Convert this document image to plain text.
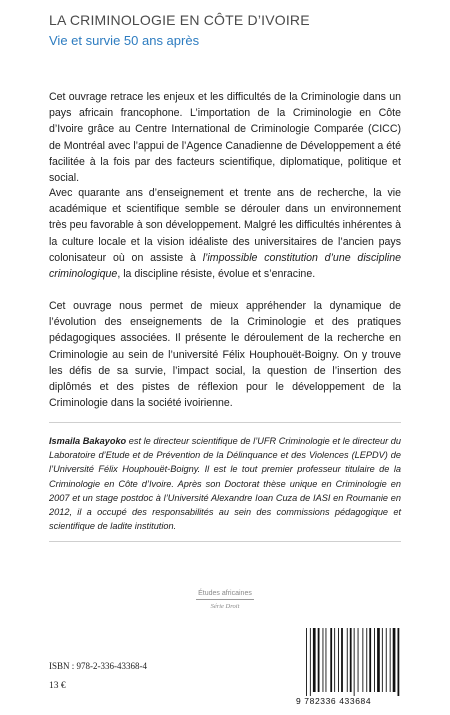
LA CRIMINOLOGIE EN CÔTE D’IVOIRE
Vie et survie 50 ans après

Cet ouvrage retrace les enjeux et les difficultés de la Criminologie dans un pays africain francophone. L’importation de la Criminologie en Côte d’Ivoire grâce au Centre International de Criminologie Comparée (CICC) de Montréal avec l’appui de l’Agence Canadienne de Développement a été facilitée à la fois par des facteurs scientifique, diplomatique, politique et social.

Avec quarante ans d’enseignement et trente ans de recherche, la vie académique et scientifique semble se dérouler dans un environnement très peu favorable à son développement. Malgré les difficultés inhérentes à la culture locale et la vision idéaliste des universitaires de l’ancien pays colonisateur où on assiste à l’impossible constitution d’une discipline criminologique, la discipline résiste, évolue et s’enracine.

Cet ouvrage nous permet de mieux appréhender la dynamique de l’évolution des enseignements de la Criminologie et des pratiques pédagogiques associées. Il présente le déroulement de la recherche en Criminologie au sein de l’université Félix Houphouët-Boigny. On y trouve les défis de sa survie, l’impact social, la question de l’insertion des diplômés et des pistes de réflexion pour le développement de la Criminologie dans la société ivoirienne.

Ismaila Bakayoko est le directeur scientifique de l’UFR Criminologie et le directeur du Laboratoire d’Etude et de Prévention de la Délinquance et des Violences (LEPDV) de l’Université Félix Houphouët-Boigny. Il est le tout premier professeur titulaire de la Criminologie en Côte d’Ivoire. Après son Doctorat thèse unique en Criminologie en 2007 et un stage postdoc à l’Université Alexandre Ioan Cuza de IASI en Roumanie en 2012, il a occupé des responsabilités au sein des commissions pédagogique et scientifique de ladite institution.

Études africaines
Série Droit
ISBN : 978-2-336-43368-4
13 €
9 782336 433684
